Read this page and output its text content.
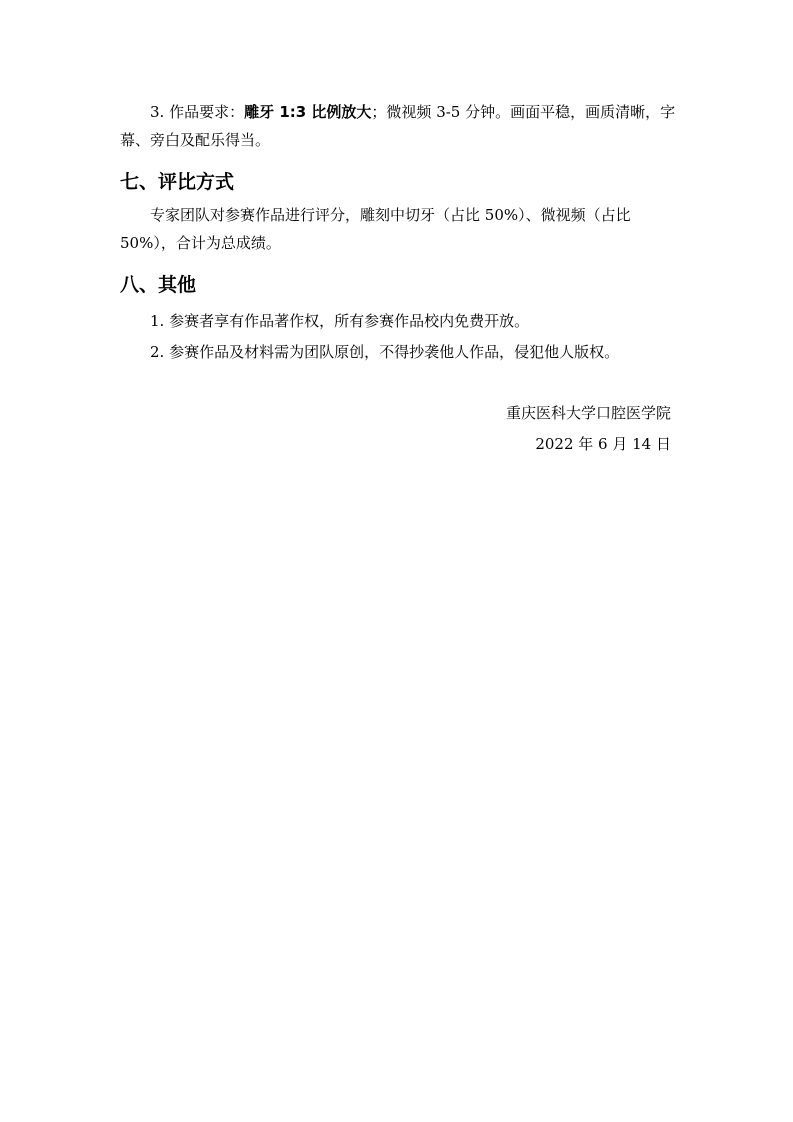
3. 作品要求：雕牙 1:3 比例放大；微视频 3-5 分钟。画面平稳，画质清晰，字幕、旁白及配乐得当。
七、评比方式
专家团队对参赛作品进行评分，雕刻中切牙（占比 50%）、微视频（占比 50%），合计为总成绩。
八、其他
1. 参赛者享有作品著作权，所有参赛作品校内免费开放。
2. 参赛作品及材料需为团队原创，不得抄袭他人作品，侵犯他人版权。
重庆医科大学口腔医学院
2022 年 6 月 14 日
